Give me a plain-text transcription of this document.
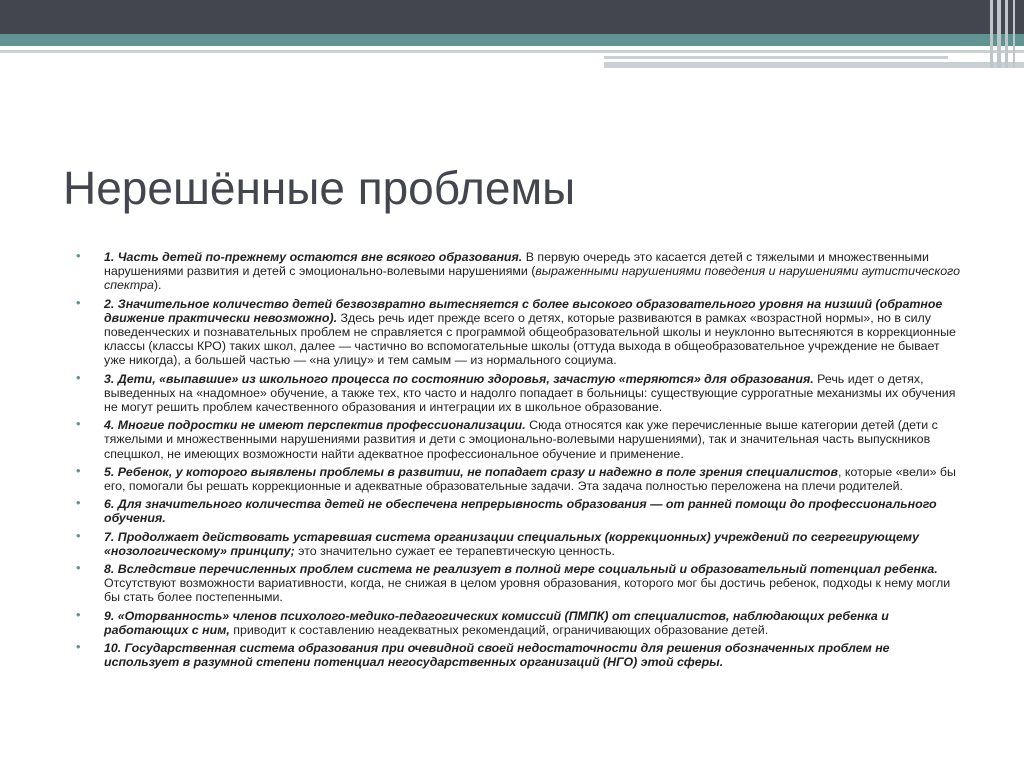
Нерешённые проблемы
• 1. Часть детей по-прежнему остаются вне всякого образования. В первую очередь это касается детей с тяжелыми и множественными нарушениями развития и детей с эмоционально-волевыми нарушениями (выраженными нарушениями поведения и нарушениями аутистического спектра).
• 2. Значительное количество детей безвозвратно вытесняется с более высокого образовательного уровня на низший (обратное движение практически невозможно). Здесь речь идет прежде всего о детях, которые развиваются в рамках «возрастной нормы», но в силу поведенческих и познавательных проблем не справляется с программой общеобразовательной школы и неуклонно вытесняются в коррекционные классы (классы КРО) таких школ, далее — частично во вспомогательные школы (оттуда выхода в общеобразовательное учреждение не бывает уже никогда), а большей частью — «на улицу» и тем самым — из нормального социума.
• 3. Дети, «выпавшие» из школьного процесса по состоянию здоровья, зачастую «теряются» для образования. Речь идет о детях, выведенных на «надомное» обучение, а также тех, кто часто и надолго попадает в больницы: существующие суррогатные механизмы их обучения не могут решить проблем качественного образования и интеграции их в школьное образование.
• 4. Многие подростки не имеют перспектив профессионализации. Сюда относятся как уже перечисленные выше категории детей (дети с тяжелыми и множественными нарушениями развития и дети с эмоционально-волевыми нарушениями), так и значительная часть выпускников спецшкол, не имеющих возможности найти адекватное профессиональное обучение и применение.
• 5. Ребенок, у которого выявлены проблемы в развитии, не попадает сразу и надежно в поле зрения специалистов, которые «вели» бы его, помогали бы решать коррекционные и адекватные образовательные задачи. Эта задача полностью переложена на плечи родителей.
• 6. Для значительного количества детей не обеспечена непрерывность образования — от ранней помощи до профессионального обучения.
• 7. Продолжает действовать устаревшая система организации специальных (коррекционных) учреждений по сегрегирующему «нозологическому» принципу; это значительно сужает ее терапевтическую ценность.
• 8. Вследствие перечисленных проблем система не реализует в полной мере социальный и образовательный потенциал ребенка. Отсутствуют возможности вариативности, когда, не снижая в целом уровня образования, которого мог бы достичь ребенок, подходы к нему могли бы стать более постепенными.
• 9. «Оторванность» членов психолого-медико-педагогических комиссий (ПМПК) от специалистов, наблюдающих ребенка и работающих с ним, приводит к составлению неадекватных рекомендаций, ограничивающих образование детей.
• 10. Государственная система образования при очевидной своей недостаточности для решения обозначенных проблем не использует в разумной степени потенциал негосударственных организаций (НГО) этой сферы.
